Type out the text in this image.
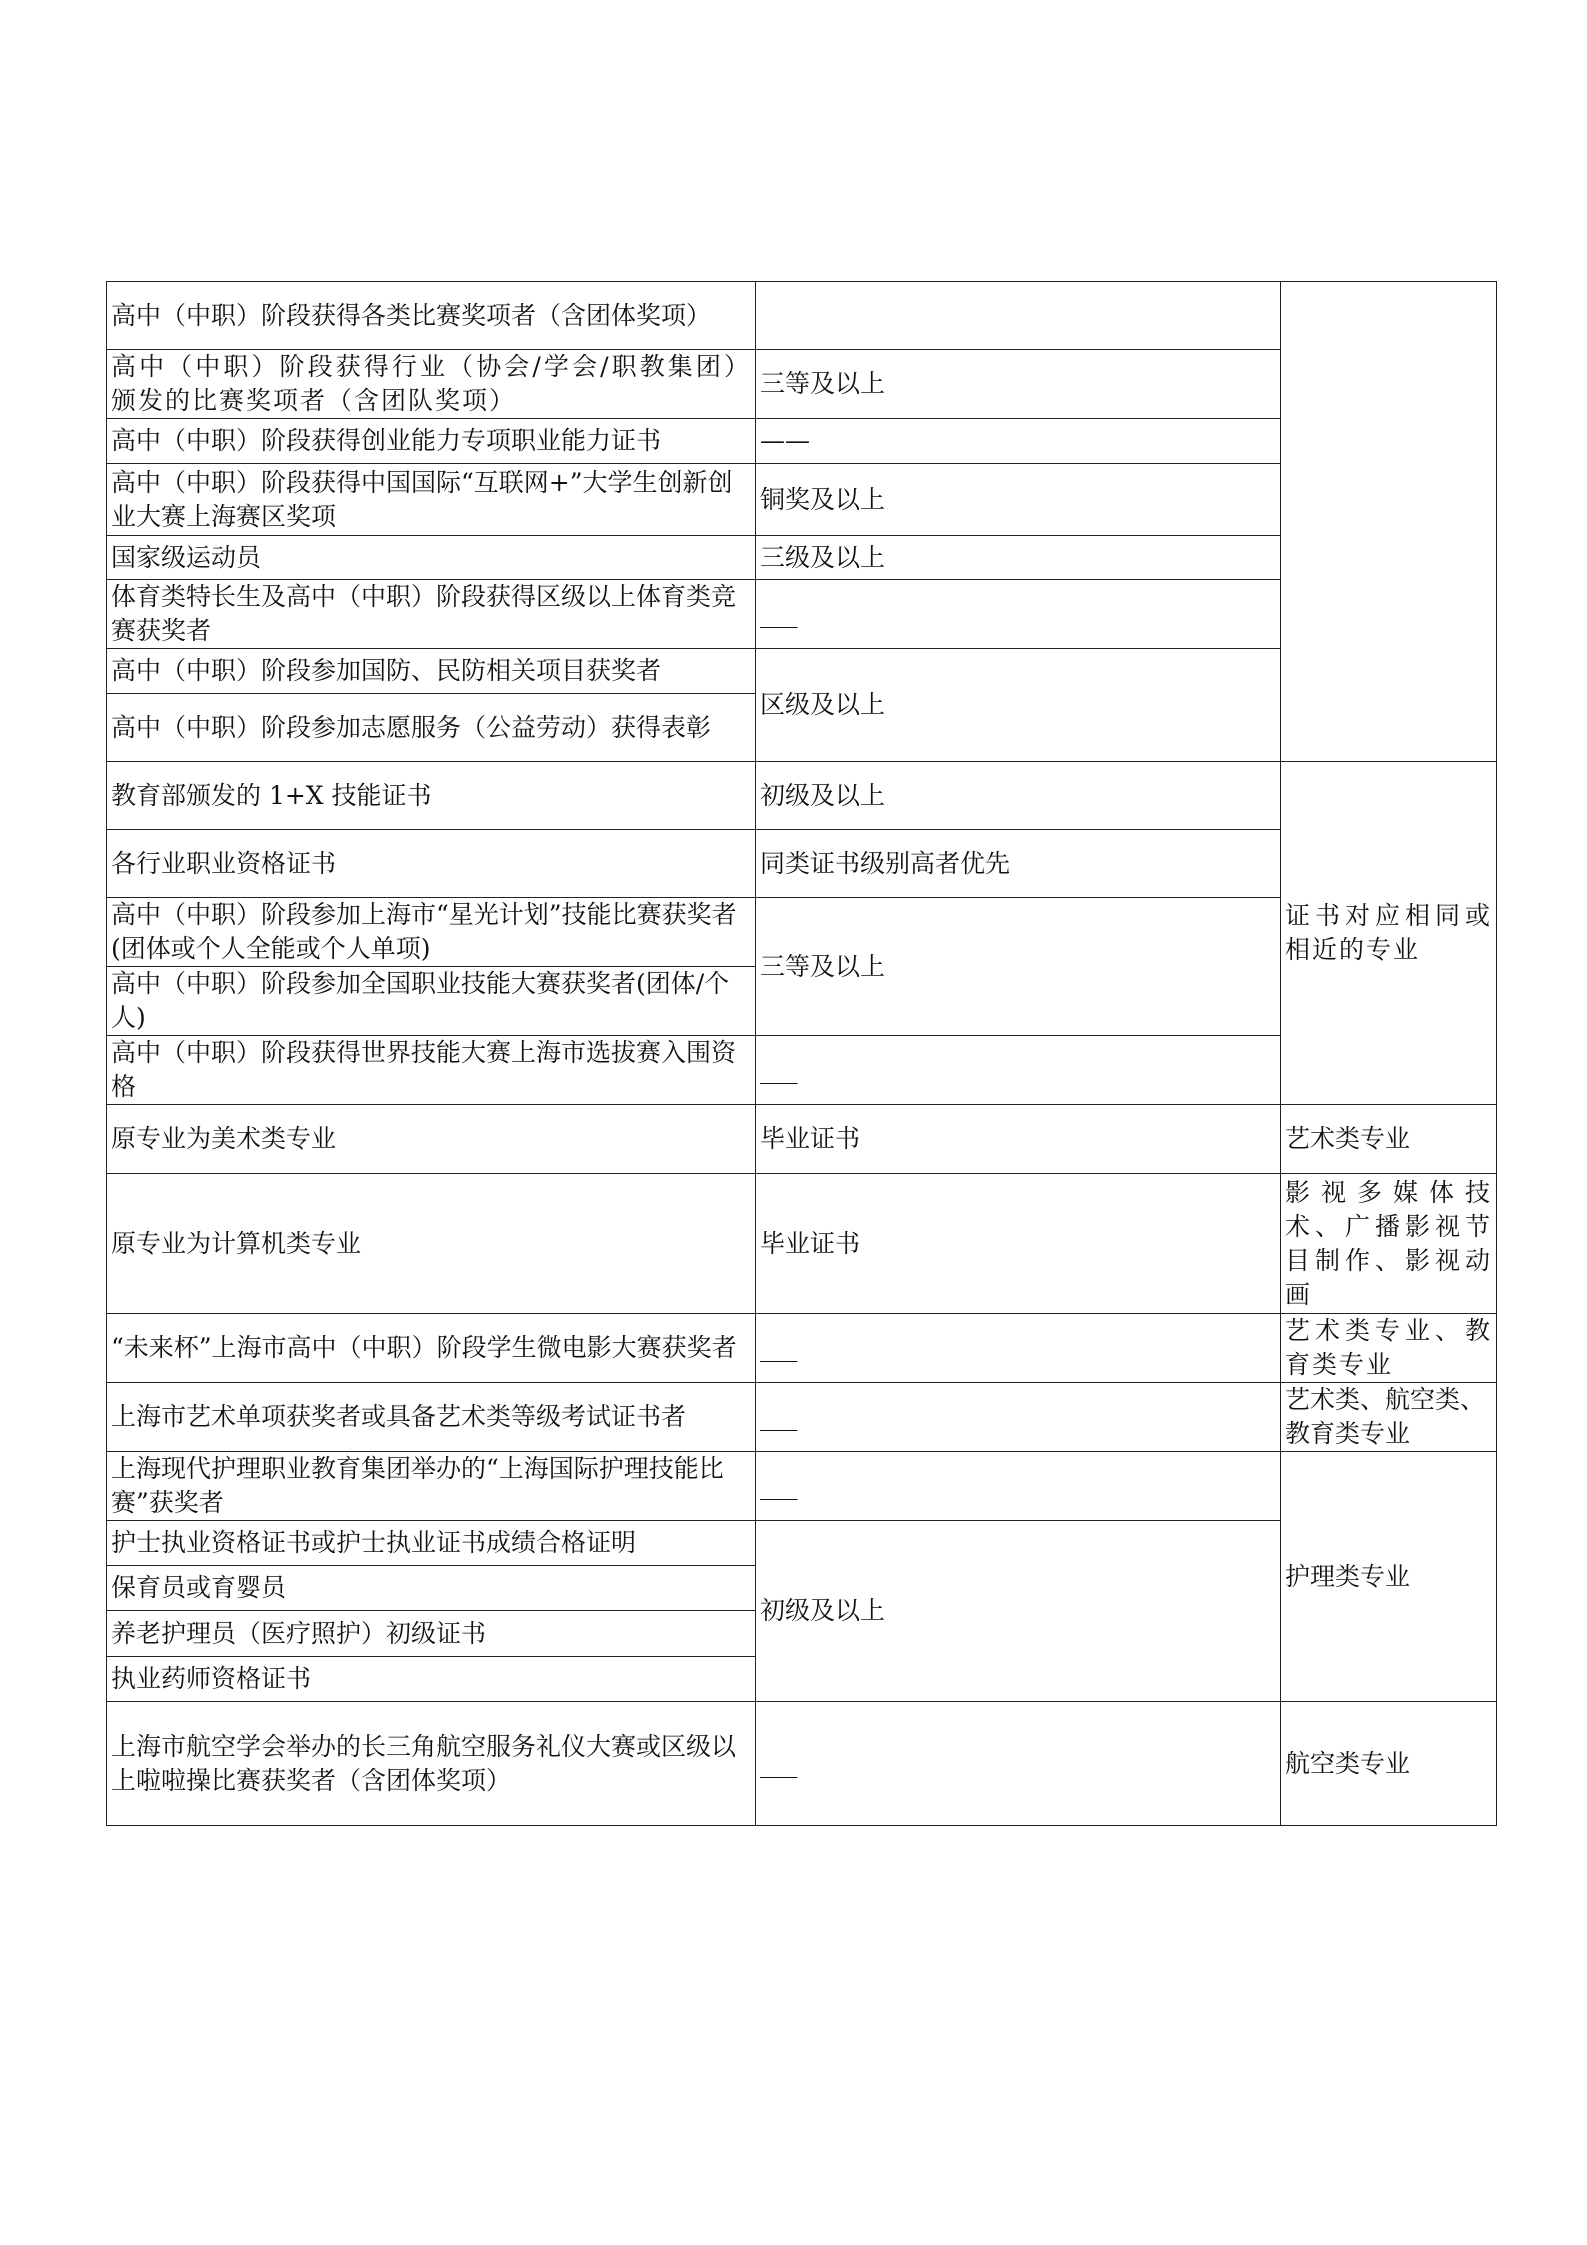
高中（中职）阶段获得各类比赛奖项者（含团体奖项）		
高中（中职）阶段获得行业（协会/学会/职教集团）颁发的比赛奖项者（含团队奖项）	三等及以上	
高中（中职）阶段获得创业能力专项职业能力证书	——	
高中（中职）阶段获得中国国际“互联网+”大学生创新创业大赛上海赛区奖项	铜奖及以上	
国家级运动员	三级及以上	
体育类特长生及高中（中职）阶段获得区级以上体育类竞赛获奖者	___	
高中（中职）阶段参加国防、民防相关项目获奖者	区级及以上	
高中（中职）阶段参加志愿服务（公益劳动）获得表彰		
教育部颁发的 1+X 技能证书	初级及以上	证书对应相同或相近的专业
各行业职业资格证书	同类证书级别高者优先	
高中（中职）阶段参加上海市“星光计划”技能比赛获奖者(团体或个人全能或个人单项)	三等及以上	
高中（中职）阶段参加全国职业技能大赛获奖者(团体/个人)		
高中（中职）阶段获得世界技能大赛上海市选拔赛入围资格	___	
原专业为美术类专业	毕业证书	艺术类专业
原专业为计算机类专业	毕业证书	影视多媒体技术、广播影视节目制作、影视动画
“未来杯”上海市高中（中职）阶段学生微电影大赛获奖者	___	艺术类专业、教育类专业
上海市艺术单项获奖者或具备艺术类等级考试证书者	___	艺术类、航空类、教育类专业
上海现代护理职业教育集团举办的“上海国际护理技能比赛”获奖者	___	护理类专业
护士执业资格证书或护士执业证书成绩合格证明	初级及以上	
保育员或育婴员		
养老护理员（医疗照护）初级证书		
执业药师资格证书		
上海市航空学会举办的长三角航空服务礼仪大赛或区级以上啦啦操比赛获奖者（含团体奖项）	___	航空类专业
